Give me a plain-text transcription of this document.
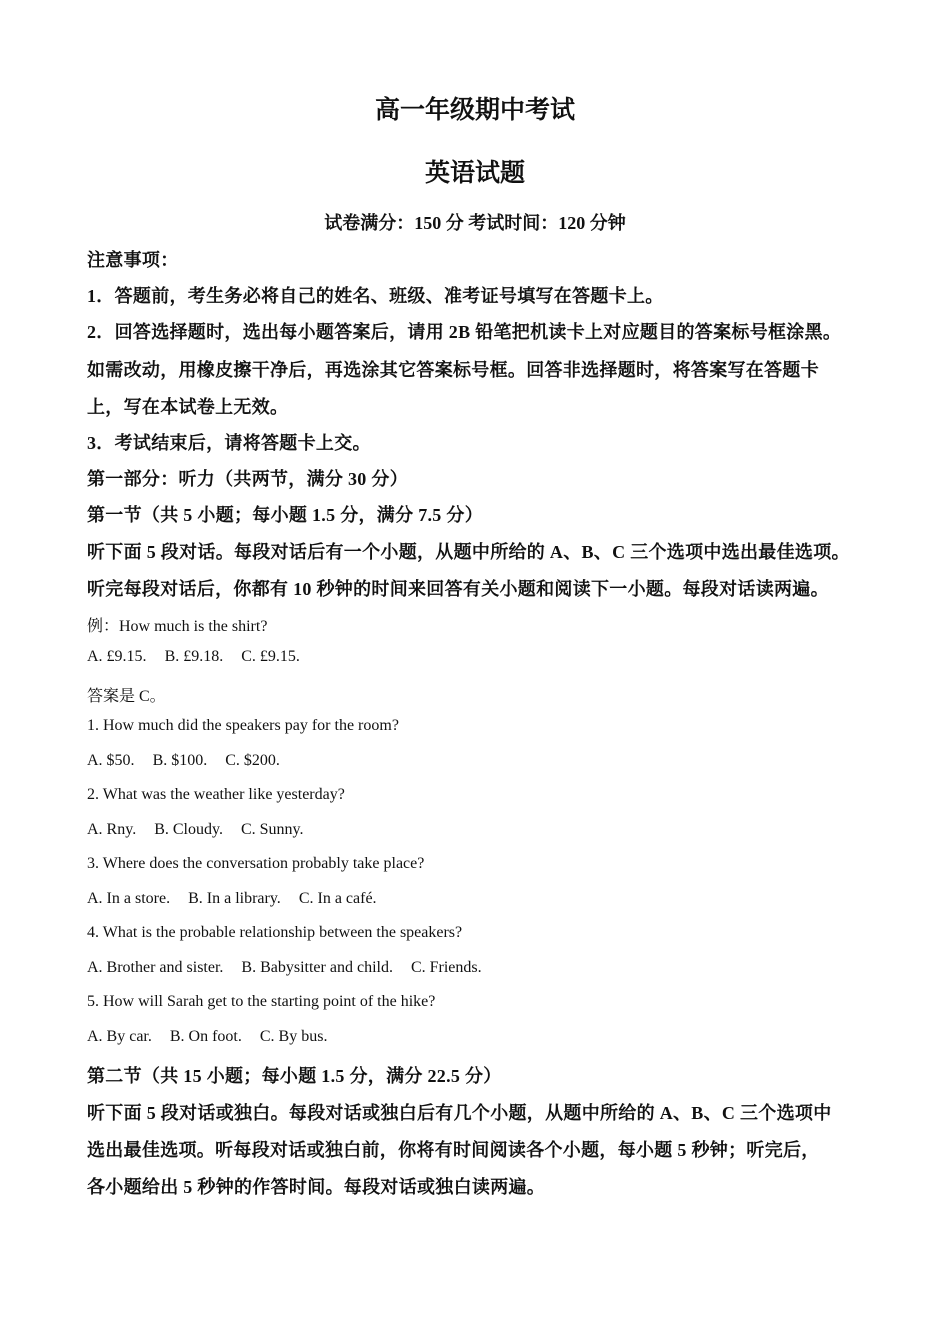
高一年级期中考试
英语试题
试卷满分：150 分 考试时间：120 分钟
注意事项：
1．答题前，考生务必将自己的姓名、班级、准考证号填写在答题卡上。
2．回答选择题时，选出每小题答案后，请用 2B 铅笔把机读卡上对应题目的答案标号框涂黑。
如需改动，用橡皮擦干净后，再选涂其它答案标号框。回答非选择题时，将答案写在答题卡
上，写在本试卷上无效。
3．考试结束后，请将答题卡上交。
第一部分：听力（共两节，满分 30 分）
第一节（共 5 小题；每小题 1.5 分，满分 7.5 分）
听下面 5 段对话。每段对话后有一个小题，从题中所给的 A、B、C 三个选项中选出最佳选项。
听完每段对话后，你都有 10 秒钟的时间来回答有关小题和阅读下一小题。每段对话读两遍。
例：How much is the shirt?
A. £9.15. B. £9.18. C. £9.15.
答案是 C。
1. How much did the speakers pay for the room?
A. $50. B. $100. C. $200.
2. What was the weather like yesterday?
A. Rny. B. Cloudy. C. Sunny.
3. Where does the conversation probably take place?
A. In a store. B. In a library. C. In a café.
4. What is the probable relationship between the speakers?
A. Brother and sister. B. Babysitter and child. C. Friends.
5. How will Sarah get to the starting point of the hike?
A. By car. B. On foot. C. By bus.
第二节（共 15 小题；每小题 1.5 分，满分 22.5 分）
听下面 5 段对话或独白。每段对话或独白后有几个小题，从题中所给的 A、B、C 三个选项中
选出最佳选项。听每段对话或独白前，你将有时间阅读各个小题，每小题 5 秒钟；听完后，
各小题给出 5 秒钟的作答时间。每段对话或独白读两遍。
